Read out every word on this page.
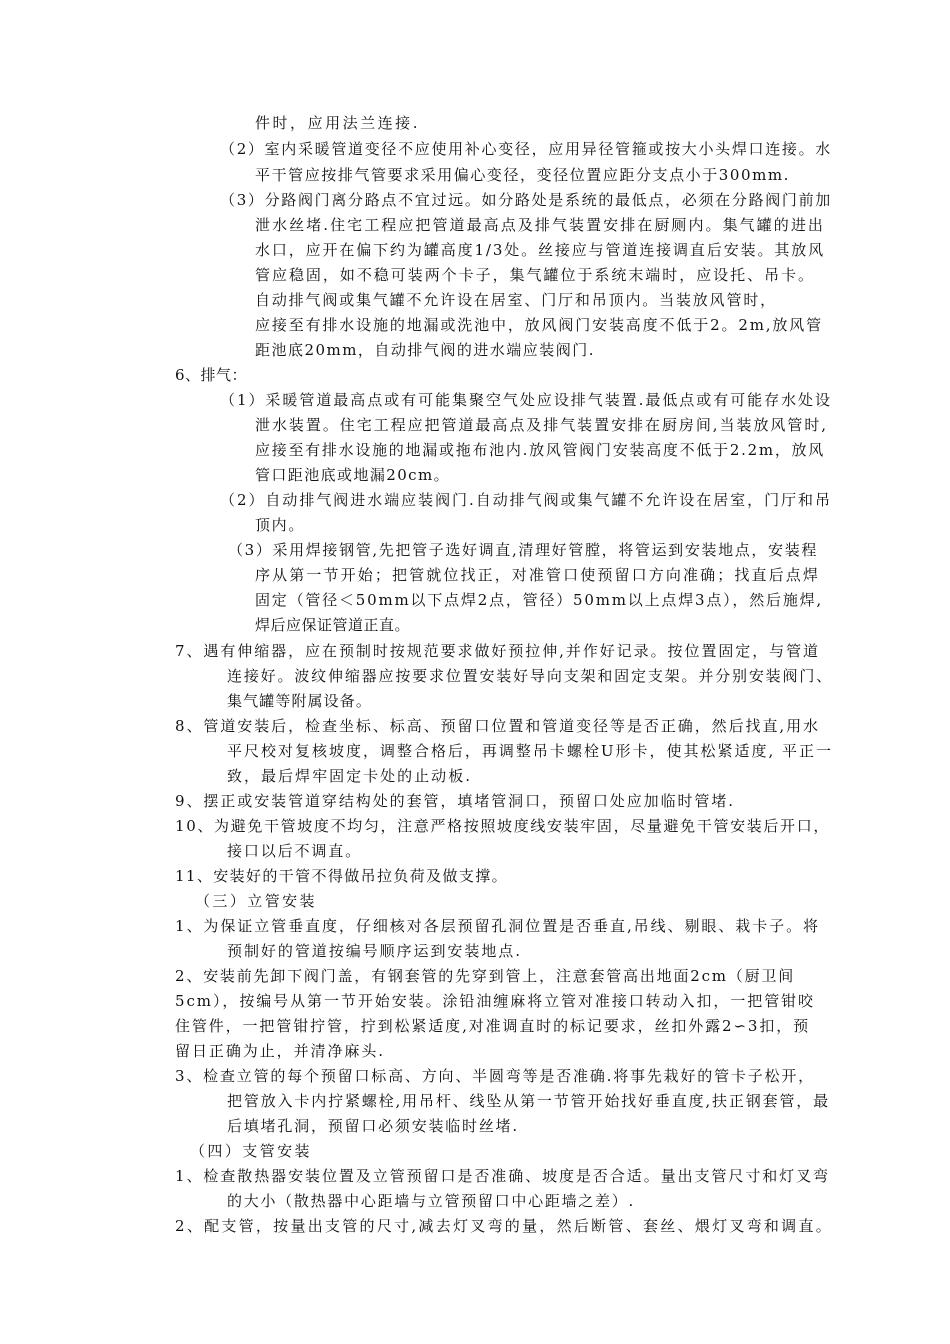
件时，应用法兰连接.
（2）室内采暖管道变径不应使用补心变径，应用异径管箍或按大小头焊口连接。水
平干管应按排气管要求采用偏心变径，变径位置应距分支点小于300mm.
（3）分路阀门离分路点不宜过远。如分路处是系统的最低点，必须在分路阀门前加
泄水丝堵.住宅工程应把管道最高点及排气装置安排在厨厕内。集气罐的进出
水口，应开在偏下约为罐高度1/3处。丝接应与管道连接调直后安装。其放风
管应稳固，如不稳可装两个卡子，集气罐位于系统末端时，应设托、吊卡。
自动排气阀或集气罐不允许设在居室、门厅和吊顶内。当装放风管时，
应接至有排水设施的地漏或洗池中，放风阀门安装高度不低于2。2m,放风管
距池底20mm，自动排气阀的进水端应装阀门.
6、排气：
（1）采暖管道最高点或有可能集聚空气处应设排气装置.最低点或有可能存水处设
泄水装置。住宅工程应把管道最高点及排气装置安排在厨房间,当装放风管时,
应接至有排水设施的地漏或拖布池内.放风管阀门安装高度不低于2.2m，放风
管口距池底或地漏20cm。
（2）自动排气阀进水端应装阀门.自动排气阀或集气罐不允许设在居室，门厅和吊
顶内。
（3）采用焊接钢管,先把管子选好调直,清理好管膛，将管运到安装地点，安装程
序从第一节开始；把管就位找正，对准管口使预留口方向准确；找直后点焊
固定（管径＜50mm以下点焊2点，管径）50mm以上点焊3点），然后施焊,
焊后应保证管道正直。
7、遇有伸缩器，应在预制时按规范要求做好预拉伸,并作好记录。按位置固定，与管道
连接好。波纹伸缩器应按要求位置安装好导向支架和固定支架。并分别安装阀门、
集气罐等附属设备。
8、管道安装后，检查坐标、标高、预留口位置和管道变径等是否正确，然后找直,用水
平尺校对复核坡度，调整合格后，再调整吊卡螺栓U形卡，使其松紧适度, 平正一
致，最后焊牢固定卡处的止动板.
9、摆正或安装管道穿结构处的套管，填堵管洞口，预留口处应加临时管堵.
10、为避免干管坡度不均匀，注意严格按照坡度线安装牢固，尽量避免干管安装后开口，
接口以后不调直。
11、安装好的干管不得做吊拉负荷及做支撑。
（三）立管安装
1、为保证立管垂直度，仔细核对各层预留孔洞位置是否垂直,吊线、剔眼、栽卡子。将
预制好的管道按编号顺序运到安装地点.
2、安装前先卸下阀门盖，有钢套管的先穿到管上，注意套管高出地面2cm（厨卫间
5cm），按编号从第一节开始安装。涂铅油缠麻将立管对准接口转动入扣，一把管钳咬
住管件，一把管钳拧管，拧到松紧适度,对准调直时的标记要求，丝扣外露2∽3扣，预
留日正确为止，并清净麻头.
3、检查立管的每个预留口标高、方向、半圆弯等是否准确.将事先栽好的管卡子松开，
把管放入卡内拧紧螺栓,用吊杆、线坠从第一节管开始找好垂直度,扶正钢套管，最
后填堵孔洞，预留口必须安装临时丝堵.
（四）支管安装
1、检查散热器安装位置及立管预留口是否准确、坡度是否合适。量出支管尺寸和灯叉弯
的大小（散热器中心距墙与立管预留口中心距墙之差）.
2、配支管，按量出支管的尺寸,减去灯叉弯的量，然后断管、套丝、煨灯叉弯和调直。
